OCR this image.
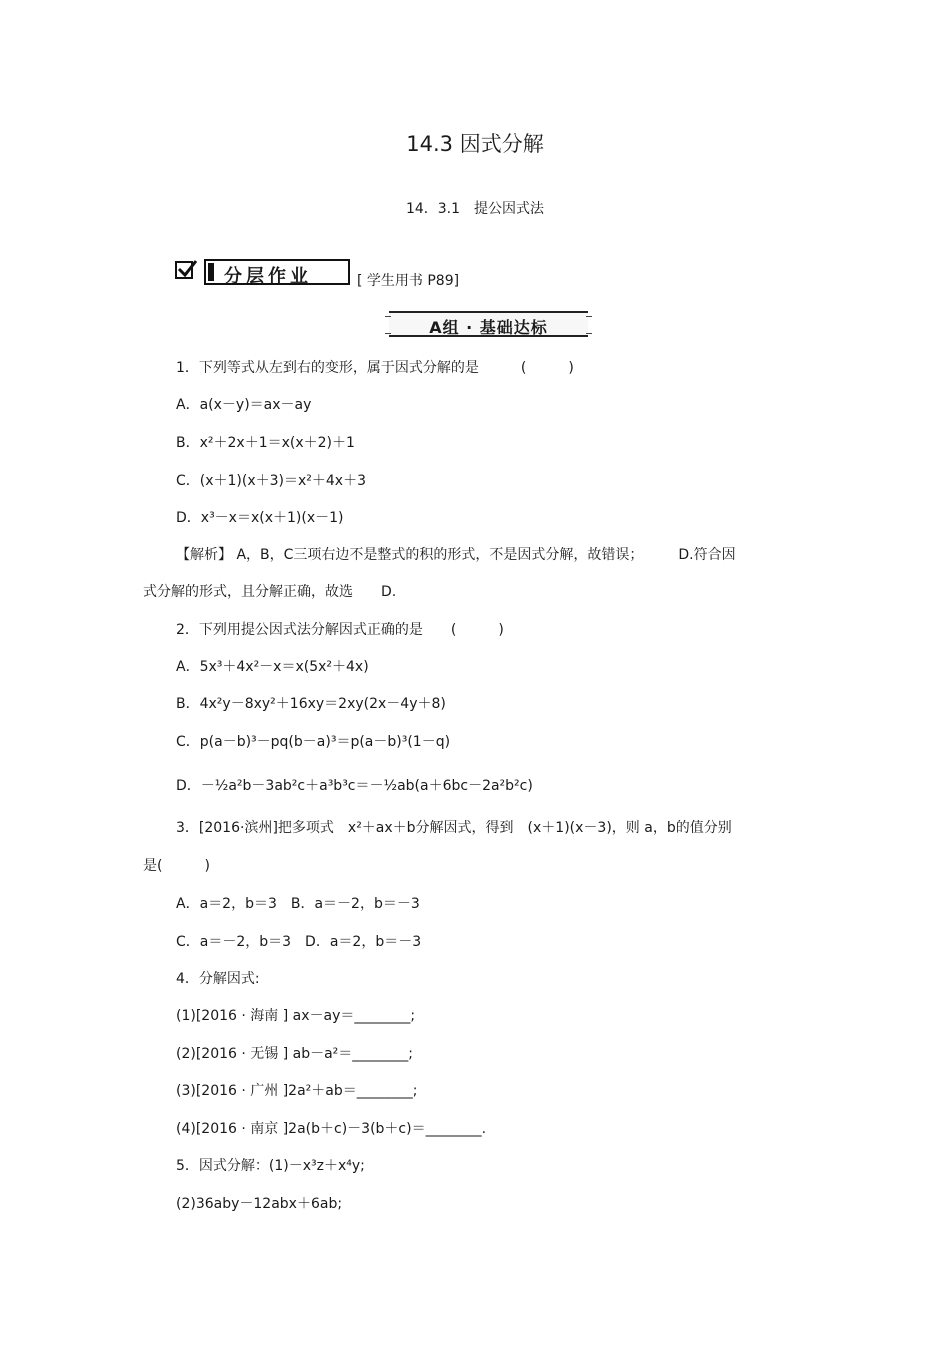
14.3 因式分解
14．3.1　提公因式法
分层作业	[ 学生用书 P89]
A组 · 基础达标
1．下列等式从左到右的变形，属于因式分解的是　　　(　　　)
A．a(x－y)＝ax－ay
B．x²＋2x＋1＝x(x＋2)＋1
C．(x＋1)(x＋3)＝x²＋4x＋3
D．x³－x＝x(x＋1)(x－1)
【解析】 A，B，C三项右边不是整式的积的形式，不是因式分解，故错误；　　　D.符合因
式分解的形式，且分解正确，故选　　D.
2．下列用提公因式法分解因式正确的是　　(　　　)
A．5x³＋4x²－x＝x(5x²＋4x)
B．4x²y－8xy²＋16xy＝2xy(2x－4y＋8)
C．p(a－b)³－pq(b－a)³＝p(a－b)³(1－q)
D．－½a²b－3ab²c＋a³b³c＝－½ab(a＋6bc－2a²b²c)
3．[2016·滨州]把多项式　x²＋ax＋b分解因式，得到　(x＋1)(x－3)，则 a，b的值分别
是(　　　)
A．a＝2，b＝3　B．a＝－2，b＝－3
C．a＝－2，b＝3　D．a＝2，b＝－3
4．分解因式:
(1)[2016 · 海南 ] ax－ay＝________;
(2)[2016 · 无锡 ] ab－a²＝________;
(3)[2016 · 广州 ]2a²＋ab＝________;
(4)[2016 · 南京 ]2a(b＋c)－3(b＋c)＝________.
5．因式分解：(1)－x³z＋x⁴y;
(2)36aby－12abx＋6ab;
